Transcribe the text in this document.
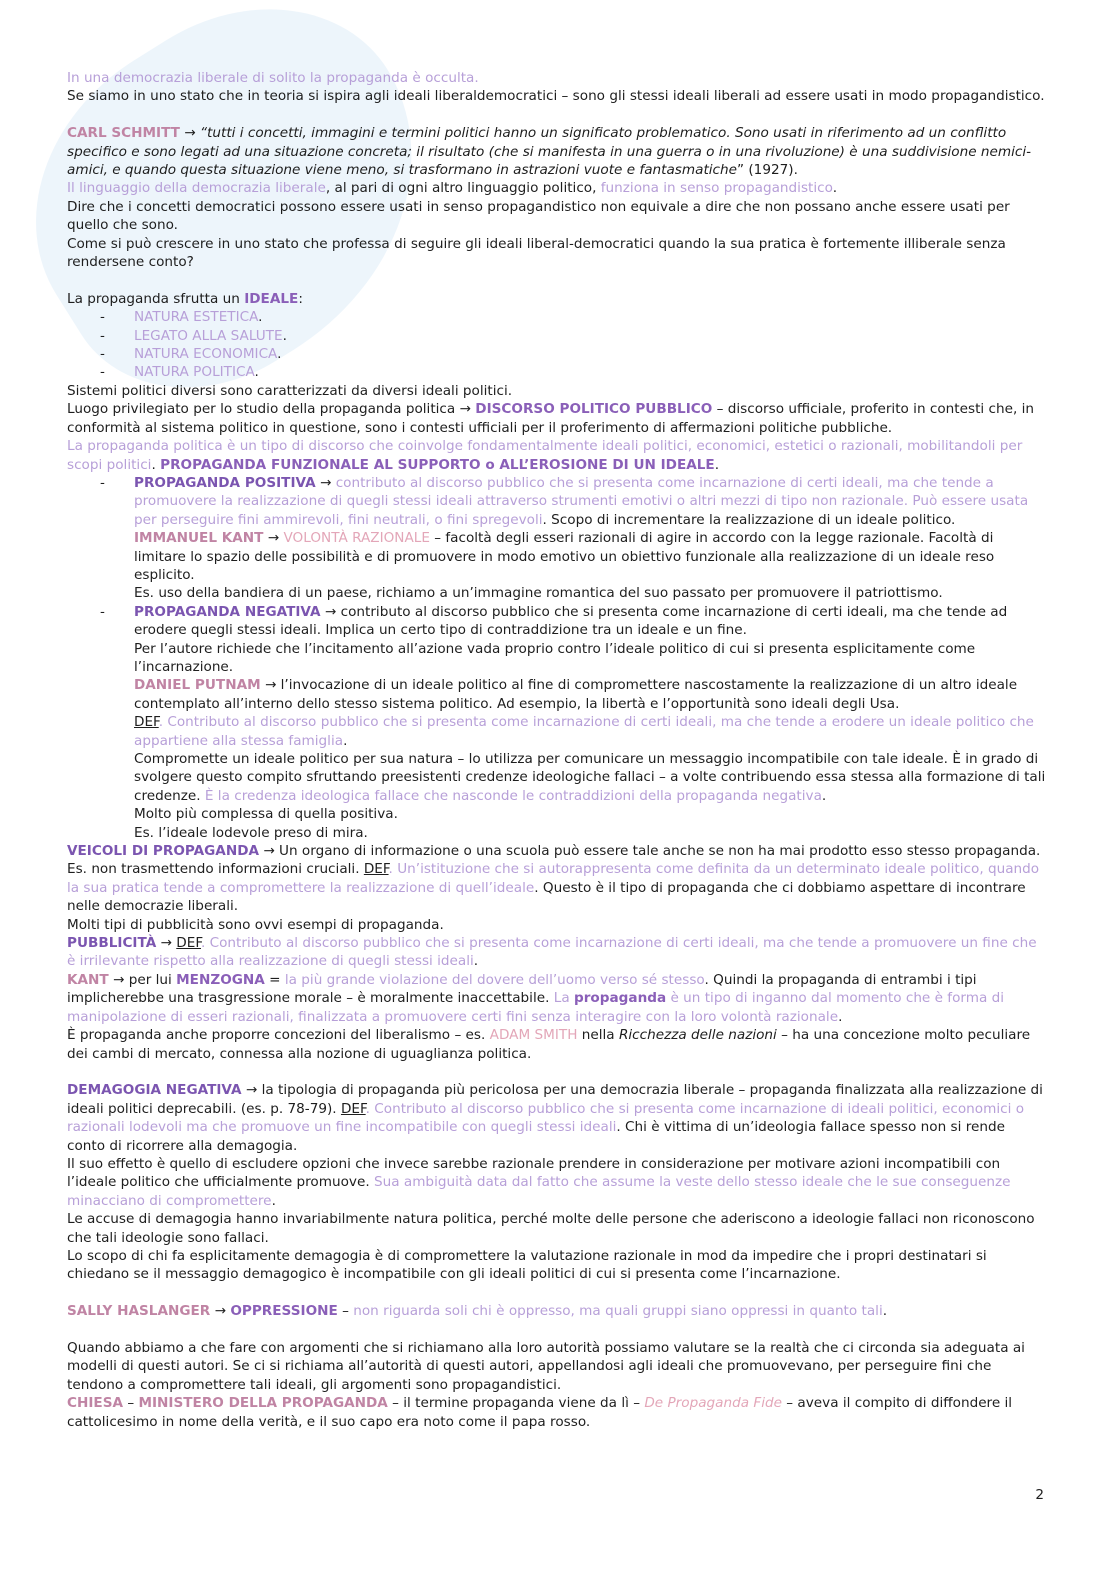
In una democrazia liberale di solito la propaganda è occulta.

Se siamo in uno stato che in teoria si ispira agli ideali liberaldemocratici – sono gli stessi ideali liberali ad essere usati in modo propagandistico.

CARL SCHMITT → “tutti i concetti, immagini e termini politici hanno un significato problematico. Sono usati in riferimento ad un conflitto specifico e sono legati ad una situazione concreta; il risultato (che si manifesta in una guerra o in una rivoluzione) è una suddivisione nemici-amici, e quando questa situazione viene meno, si trasformano in astrazioni vuote e fantasmatiche” (1927).

Il linguaggio della democrazia liberale, al pari di ogni altro linguaggio politico, funziona in senso propagandistico.

Dire che i concetti democratici possono essere usati in senso propagandistico non equivale a dire che non possano anche essere usati per quello che sono.

Come si può crescere in uno stato che professa di seguire gli ideali liberal-democratici quando la sua pratica è fortemente illiberale senza rendersene conto?

La propaganda sfrutta un IDEALE:

- NATURA ESTETICA.

- LEGATO ALLA SALUTE.

- NATURA ECONOMICA.

- NATURA POLITICA.

Sistemi politici diversi sono caratterizzati da diversi ideali politici.

Luogo privilegiato per lo studio della propaganda politica → DISCORSO POLITICO PUBBLICO – discorso ufficiale, proferito in contesti che, in conformità al sistema politico in questione, sono i contesti ufficiali per il proferimento di affermazioni politiche pubbliche.

La propaganda politica è un tipo di discorso che coinvolge fondamentalmente ideali politici, economici, estetici o razionali, mobilitandoli per scopi politici. PROPAGANDA FUNZIONALE AL SUPPORTO o ALL’EROSIONE DI UN IDEALE.

- PROPAGANDA POSITIVA → contributo al discorso pubblico che si presenta come incarnazione di certi ideali, ma che tende a promuovere la realizzazione di quegli stessi ideali attraverso strumenti emotivi o altri mezzi di tipo non razionale. Può essere usata per perseguire fini ammirevoli, fini neutrali, o fini spregevoli. Scopo di incrementare la realizzazione di un ideale politico.

IMMANUEL KANT → VOLONTÀ RAZIONALE – facoltà degli esseri razionali di agire in accordo con la legge razionale. Facoltà di limitare lo spazio delle possibilità e di promuovere in modo emotivo un obiettivo funzionale alla realizzazione di un ideale reso esplicito.

Es. uso della bandiera di un paese, richiamo a un’immagine romantica del suo passato per promuovere il patriottismo.

- PROPAGANDA NEGATIVA → contributo al discorso pubblico che si presenta come incarnazione di certi ideali, ma che tende ad erodere quegli stessi ideali. Implica un certo tipo di contraddizione tra un ideale e un fine.

Per l’autore richiede che l’incitamento all’azione vada proprio contro l’ideale politico di cui si presenta esplicitamente come l’incarnazione.

DANIEL PUTNAM → l’invocazione di un ideale politico al fine di compromettere nascostamente la realizzazione di un altro ideale contemplato all’interno dello stesso sistema politico. Ad esempio, la libertà e l’opportunità sono ideali degli Usa.

DEF. Contributo al discorso pubblico che si presenta come incarnazione di certi ideali, ma che tende a erodere un ideale politico che appartiene alla stessa famiglia.

Compromette un ideale politico per sua natura – lo utilizza per comunicare un messaggio incompatibile con tale ideale. È in grado di svolgere questo compito sfruttando preesistenti credenze ideologiche fallaci – a volte contribuendo essa stessa alla formazione di tali credenze. È la credenza ideologica fallace che nasconde le contraddizioni della propaganda negativa.

Molto più complessa di quella positiva.

Es. l’ideale lodevole preso di mira.

VEICOLI DI PROPAGANDA → Un organo di informazione o una scuola può essere tale anche se non ha mai prodotto esso stesso propaganda. Es. non trasmettendo informazioni cruciali. DEF. Un’istituzione che si autorappresenta come definita da un determinato ideale politico, quando la sua pratica tende a compromettere la realizzazione di quell’ideale. Questo è il tipo di propaganda che ci dobbiamo aspettare di incontrare nelle democrazie liberali.

Molti tipi di pubblicità sono ovvi esempi di propaganda.

PUBBLICITÀ → DEF. Contributo al discorso pubblico che si presenta come incarnazione di certi ideali, ma che tende a promuovere un fine che è irrilevante rispetto alla realizzazione di quegli stessi ideali.

KANT → per lui MENZOGNA = la più grande violazione del dovere dell’uomo verso sé stesso. Quindi la propaganda di entrambi i tipi implicherebbe una trasgressione morale – è moralmente inaccettabile. La propaganda è un tipo di inganno dal momento che è forma di manipolazione di esseri razionali, finalizzata a promuovere certi fini senza interagire con la loro volontà razionale.

È propaganda anche proporre concezioni del liberalismo – es. ADAM SMITH nella Ricchezza delle nazioni – ha una concezione molto peculiare dei cambi di mercato, connessa alla nozione di uguaglianza politica.

DEMAGOGIA NEGATIVA → la tipologia di propaganda più pericolosa per una democrazia liberale – propaganda finalizzata alla realizzazione di ideali politici deprecabili. (es. p. 78-79). DEF. Contributo al discorso pubblico che si presenta come incarnazione di ideali politici, economici o razionali lodevoli ma che promuove un fine incompatibile con quegli stessi ideali. Chi è vittima di un’ideologia fallace spesso non si rende conto di ricorrere alla demagogia.

Il suo effetto è quello di escludere opzioni che invece sarebbe razionale prendere in considerazione per motivare azioni incompatibili con l’ideale politico che ufficialmente promuove. Sua ambiguità data dal fatto che assume la veste dello stesso ideale che le sue conseguenze minacciano di compromettere.

Le accuse di demagogia hanno invariabilmente natura politica, perché molte delle persone che aderiscono a ideologie fallaci non riconoscono che tali ideologie sono fallaci.

Lo scopo di chi fa esplicitamente demagogia è di compromettere la valutazione razionale in mod da impedire che i propri destinatari si chiedano se il messaggio demagogico è incompatibile con gli ideali politici di cui si presenta come l’incarnazione.

SALLY HASLANGER → OPPRESSIONE – non riguarda soli chi è oppresso, ma quali gruppi siano oppressi in quanto tali.

Quando abbiamo a che fare con argomenti che si richiamano alla loro autorità possiamo valutare se la realtà che ci circonda sia adeguata ai modelli di questi autori. Se ci si richiama all’autorità di questi autori, appellandosi agli ideali che promuovevano, per perseguire fini che tendono a compromettere tali ideali, gli argomenti sono propagandistici.

CHIESA – MINISTERO DELLA PROPAGANDA – il termine propaganda viene da lì – De Propaganda Fide – aveva il compito di diffondere il cattolicesimo in nome della verità, e il suo capo era noto come il papa rosso.

2
